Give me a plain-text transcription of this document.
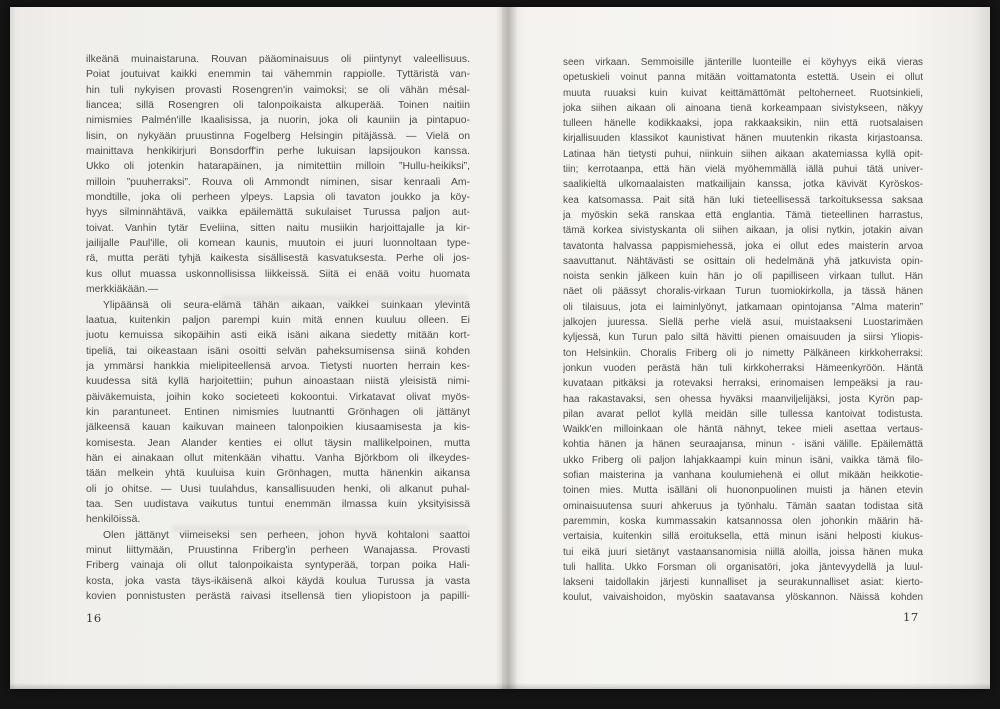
ilkeänä muinaistaruna. Rouvan pääominaisuus oli piintynyt valeellisuus.
Poiat joutuivat kaikki enemmin tai vähemmin rappiolle. Tyttäristä van-
hin tuli nykyisen provasti Rosengren'in vaimoksi; se oli vähän mésal-
liancea; sillä Rosengren oli talonpoikaista alkuperää. Toinen naitiin
nimismies Palmén'ille Ikaalisissa, ja nuorin, joka oli kauniin ja pintapuo-
lisin, on nykyään pruustinna Fogelberg Helsingin pitäjässä. — Vielä on
mainittava henkikirjuri Bonsdorff'in perhe lukuisan lapsijoukon kanssa.
Ukko oli jotenkin hatarapäinen, ja nimitettiin milloin ”Hullu-heikiksi”,
milloin ”puuherraksi”. Rouva oli Ammondt niminen, sisar kenraali Am-
mondtille, joka oli perheen ylpeys. Lapsia oli tavaton joukko ja köy-
hyys silminnähtävä, vaikka epäilemättä sukulaiset Turussa paljon aut-
toivat. Vanhin tytär Eveliina, sitten naitu musiikin harjoittajalle ja kir-
jailijalle Paul'ille, oli komean kaunis, muutoin ei juuri luonnoltaan type-
rä, mutta peräti tyhjä kaikesta sisällisestä kasvatuksesta. Perhe oli jos-
kus ollut muassa uskonnollisissa liikkeissä. Siitä ei enää voitu huomata
merkkiäkään.—
Ylipäänsä oli seura-elämä tähän aikaan, vaikkei suinkaan ylevintä
laatua, kuitenkin paljon parempi kuin mitä ennen kuuluu olleen. Ei
juotu kemuissa sikopäihin asti eikä isäni aikana siedetty mitään kort-
tipeliä, tai oikeastaan isäni osoitti selvän paheksumisensa siinä kohden
ja ymmärsi hankkia mielipiteellensä arvoa. Tietysti nuorten herrain kes-
kuudessa sitä kyllä harjoitettiin; puhun ainoastaan niistä yleisistä nimi-
päiväkemuista, joihin koko societeeti kokoontui. Virkatavat olivat myös-
kin parantuneet. Entinen nimismies luutnantti Grönhagen oli jättänyt
jälkeensä kauan kaikuvan maineen talonpoikien kiusaamisesta ja kis-
komisesta. Jean Alander kenties ei ollut täysin mallikelpoinen, mutta
hän ei ainakaan ollut mitenkään vihattu. Vanha Björkbom oli ilkeydes-
tään melkein yhtä kuuluisa kuin Grönhagen, mutta hänenkin aikansa
oli jo ohitse. — Uusi tuulahdus, kansallisuuden henki, oli alkanut puhal-
taa. Sen uudistava vaikutus tuntui enemmän ilmassa kuin yksityisissä
henkilöissä.
Olen jättänyt viimeiseksi sen perheen, johon hyvä kohtaloni saattoi
minut liittymään, Pruustinna Friberg'in perheen Wanajassa. Provasti
Friberg vainaja oli ollut talonpoikaista syntyperää, torpan poika Hali-
kosta, joka vasta täys-ikäisenä alkoi käydä koulua Turussa ja vasta
kovien ponnistusten perästä raivasi itsellensä tien yliopistoon ja papilli-
seen virkaan. Semmoisille jänterille luonteille ei köyhyys eikä vieras
opetuskieli voinut panna mitään voittamatonta estettä. Usein ei ollut
muuta ruuaksi kuin kuivat keittämättömät peltoherneet. Ruotsinkieli,
joka siihen aikaan oli ainoana tienä korkeampaan sivistykseen, näkyy
tulleen hänelle kodikkaaksi, jopa rakkaaksikin, niin että ruotsalaisen
kirjallisuuden klassikot kaunistivat hänen muutenkin rikasta kirjastoansa.
Latinaa hän tietysti puhui, niinkuin siihen aikaan akatemiassa kyllä opit-
tiin; kerrotaanpa, että hän vielä myöhemmällä iällä puhui tätä univer-
saalikieltä ulkomaalaisten matkailijain kanssa, jotka kävivät Kyröskos-
kea katsomassa. Pait sitä hän luki tieteellisessä tarkoituksessa saksaa
ja myöskin sekä ranskaa että englantia. Tämä tieteellinen harrastus,
tämä korkea sivistyskanta oli siihen aikaan, ja olisi nytkin, jotakin aivan
tavatonta halvassa pappismiehessä, joka ei ollut edes maisterin arvoa
saavuttanut. Nähtävästi se osittain oli hedelmänä yhä jatkuvista opin-
noista senkin jälkeen kuin hän jo oli papilliseen virkaan tullut. Hän
näet oli päässyt choralis-virkaan Turun tuomiokirkolla, ja tässä hänen
oli tilaisuus, jota ei laiminlyönyt, jatkamaan opintojansa ”Alma materin”
jalkojen juuressa. Siellä perhe vielä asui, muistaakseni Luostarimäen
kyljessä, kun Turun palo siltä hävitti pienen omaisuuden ja siirsi Yliopis-
ton Helsinkiin. Choralis Friberg oli jo nimetty Pälkäneen kirkkoherraksi:
jonkun vuoden perästä hän tuli kirkkoherraksi Hämeenkyröön. Häntä
kuvataan pitkäksi ja rotevaksi herraksi, erinomaisen lempeäksi ja rau-
haa rakastavaksi, sen ohessa hyväksi maanviljelijäksi, josta Kyrön pap-
pilan avarat pellot kyllä meidän sille tullessa kantoivat todistusta.
Waikk'en milloinkaan ole häntä nähnyt, tekee mieli asettaa vertaus-
kohtia hänen ja hänen seuraajansa, minun - isäni välille. Epäilemättä
ukko Friberg oli paljon lahjakkaampi kuin minun isäni, vaikka tämä filo-
sofian maisterina ja vanhana koulumiehenä ei ollut mikään heikkotie-
toinen mies. Mutta isälläni oli huononpuolinen muisti ja hänen etevin
ominaisuutensa suuri ahkeruus ja työnhalu. Tämän saatan todistaa sitä
paremmin, koska kummassakin katsannossa olen johonkin määrin hä-
vertaisia, kuitenkin sillä eroituksella, että minun isäni helposti kiukus-
tui eikä juuri sietänyt vastaansanomisia niillä aloilla, joissa hänen muka
tuli hallita. Ukko Forsman oli organisatöri, joka jäntevyydellä ja luul-
lakseni taidollakin järjesti kunnalliset ja seurakunnalliset asiat: kierto-
koulut, vaivaishoidon, myöskin saatavansa ylöskannon. Näissä kohden
16	17
